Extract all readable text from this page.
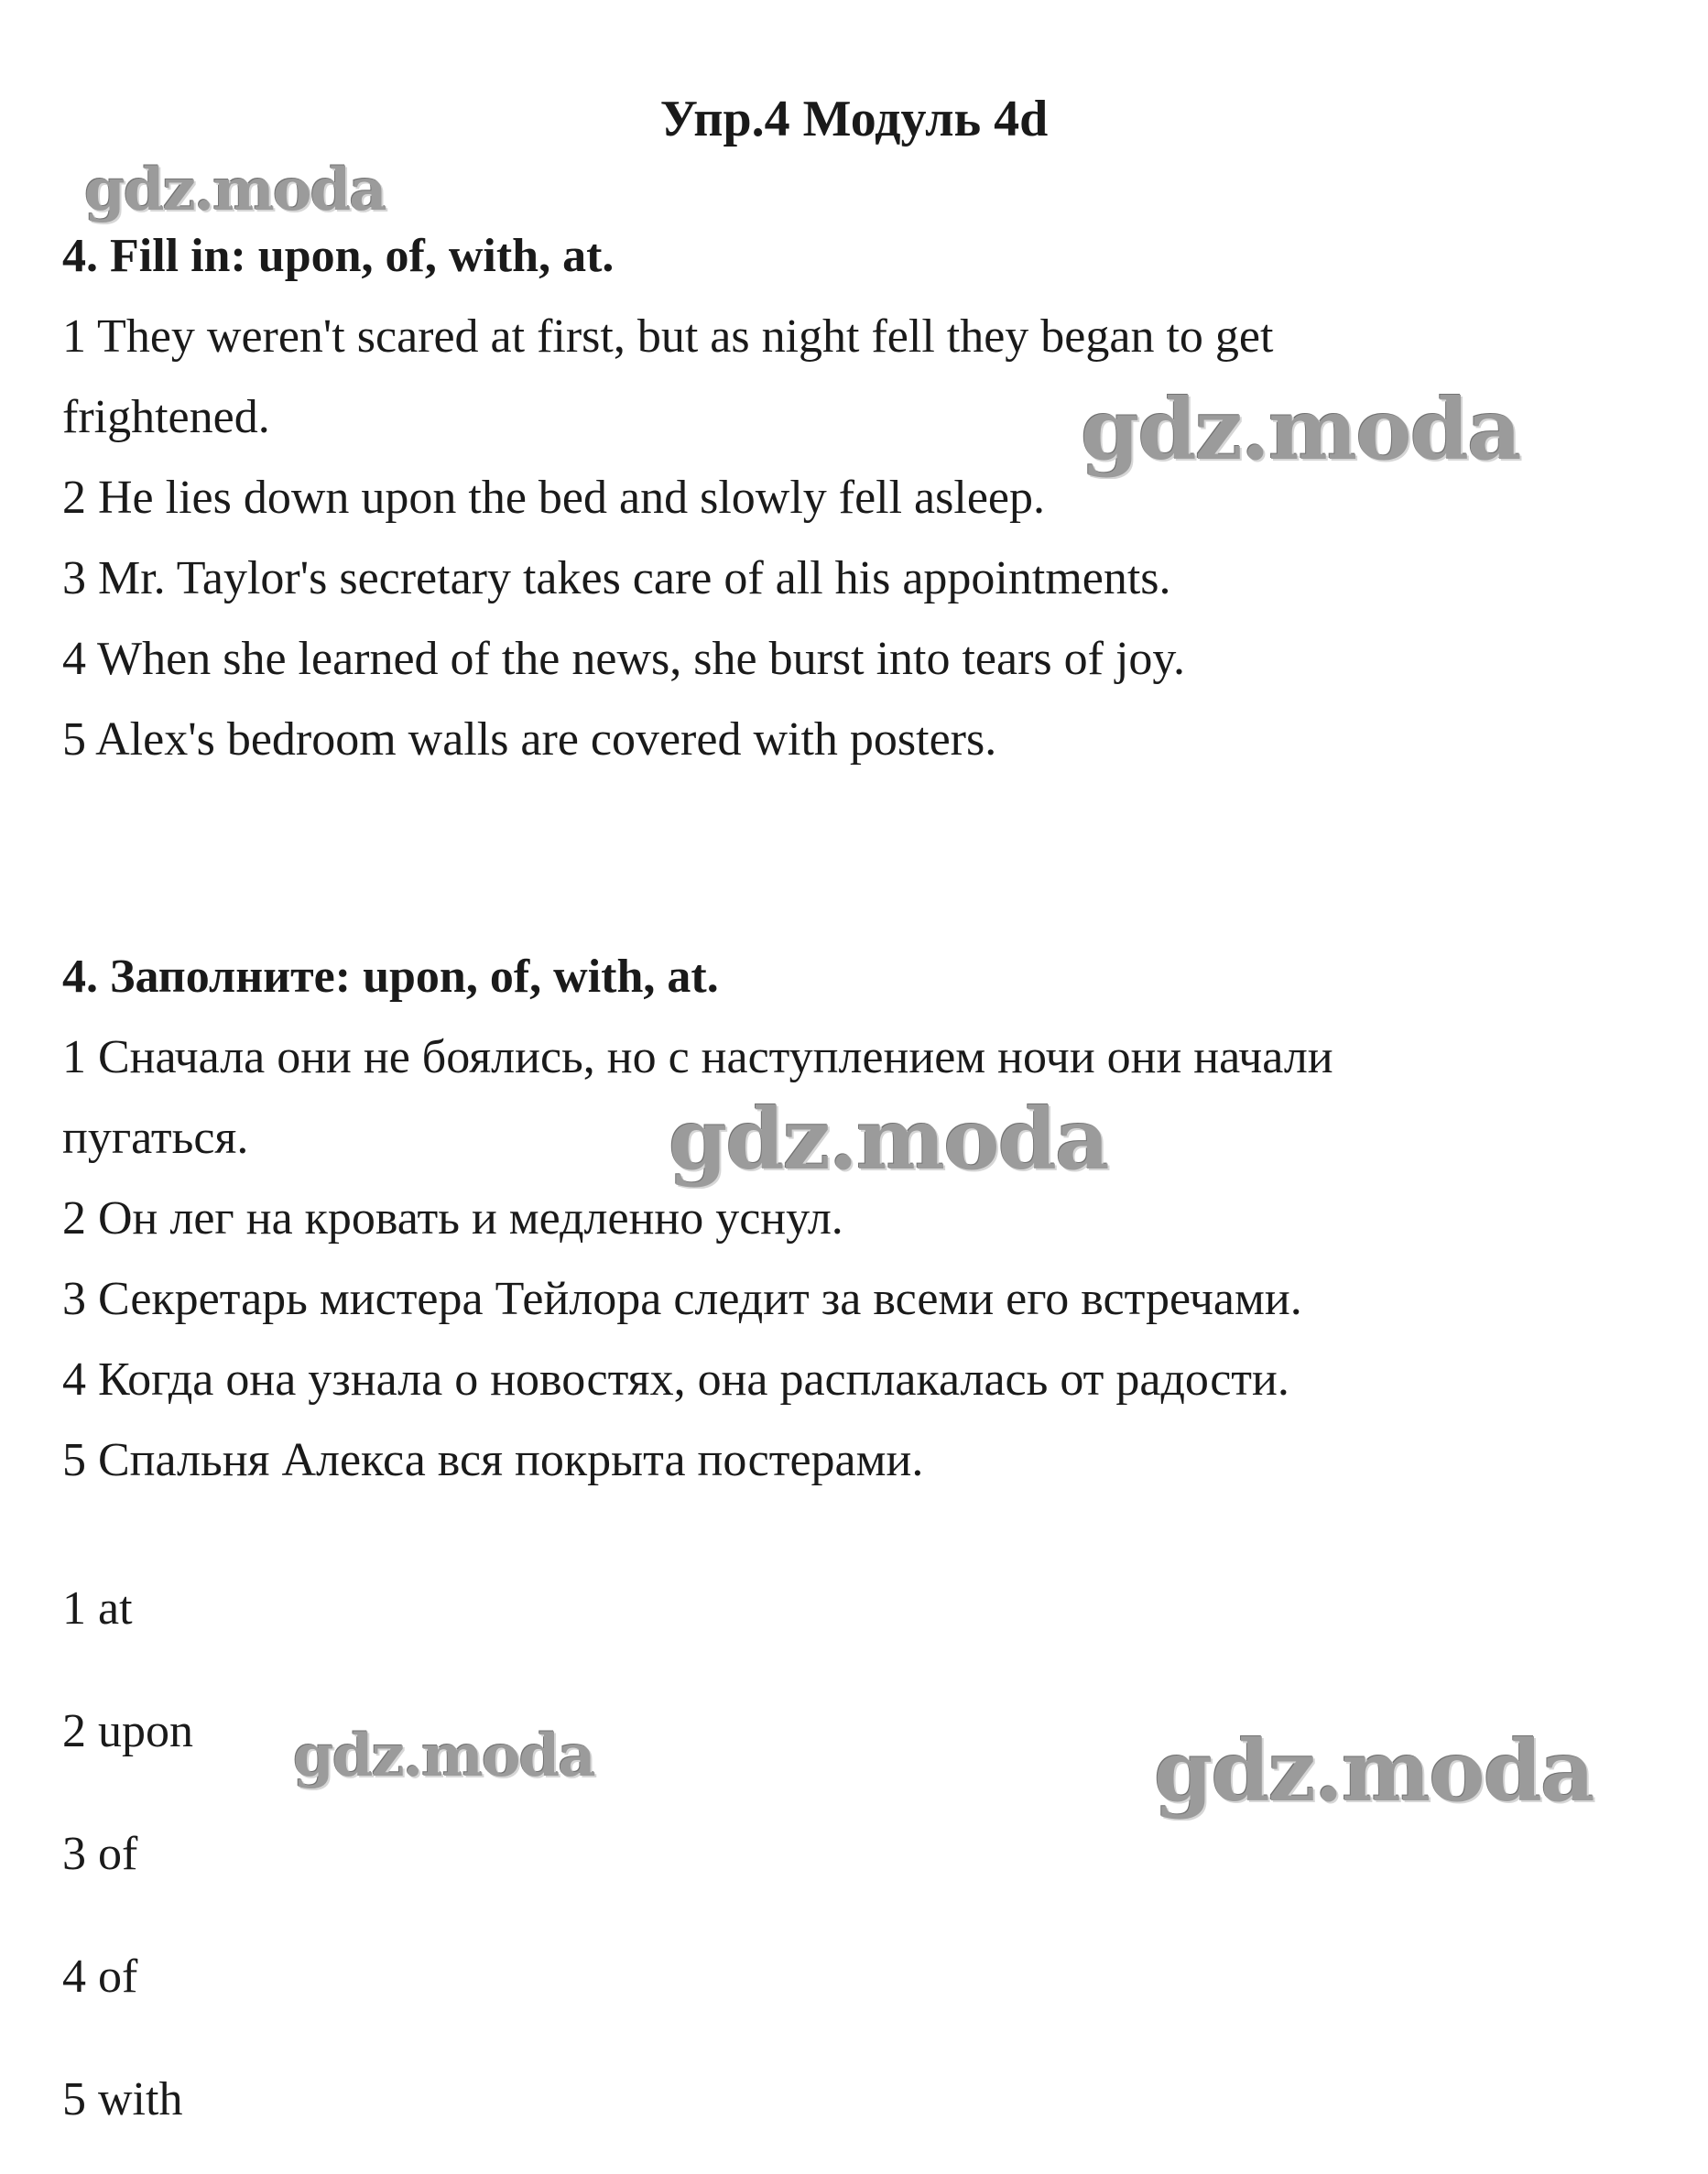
Упр.4 Модуль 4d
gdz.moda
gdz.moda
gdz.moda
gdz.moda	gdz.moda

4. Fill in: upon, of, with, at.

1 They weren't scared at first, but as night fell they began to get

frightened.

2 He lies down upon the bed and slowly fell asleep.

3 Mr. Taylor's secretary takes care of all his appointments.

4 When she learned of the news, she burst into tears of joy.

5 Alex's bedroom walls are covered with posters.

4. Заполните: upon, of, with, at.

1 Сначала они не боялись, но с наступлением ночи они начали

пугаться.

2 Он лег на кровать и медленно уснул.

3 Секретарь мистера Тейлора следит за всеми его встречами.

4 Когда она узнала о новостях, она расплакалась от радости.

5 Спальня Алекса вся покрыта постерами.

1 at

2 upon

3 of

4 of

5 with
